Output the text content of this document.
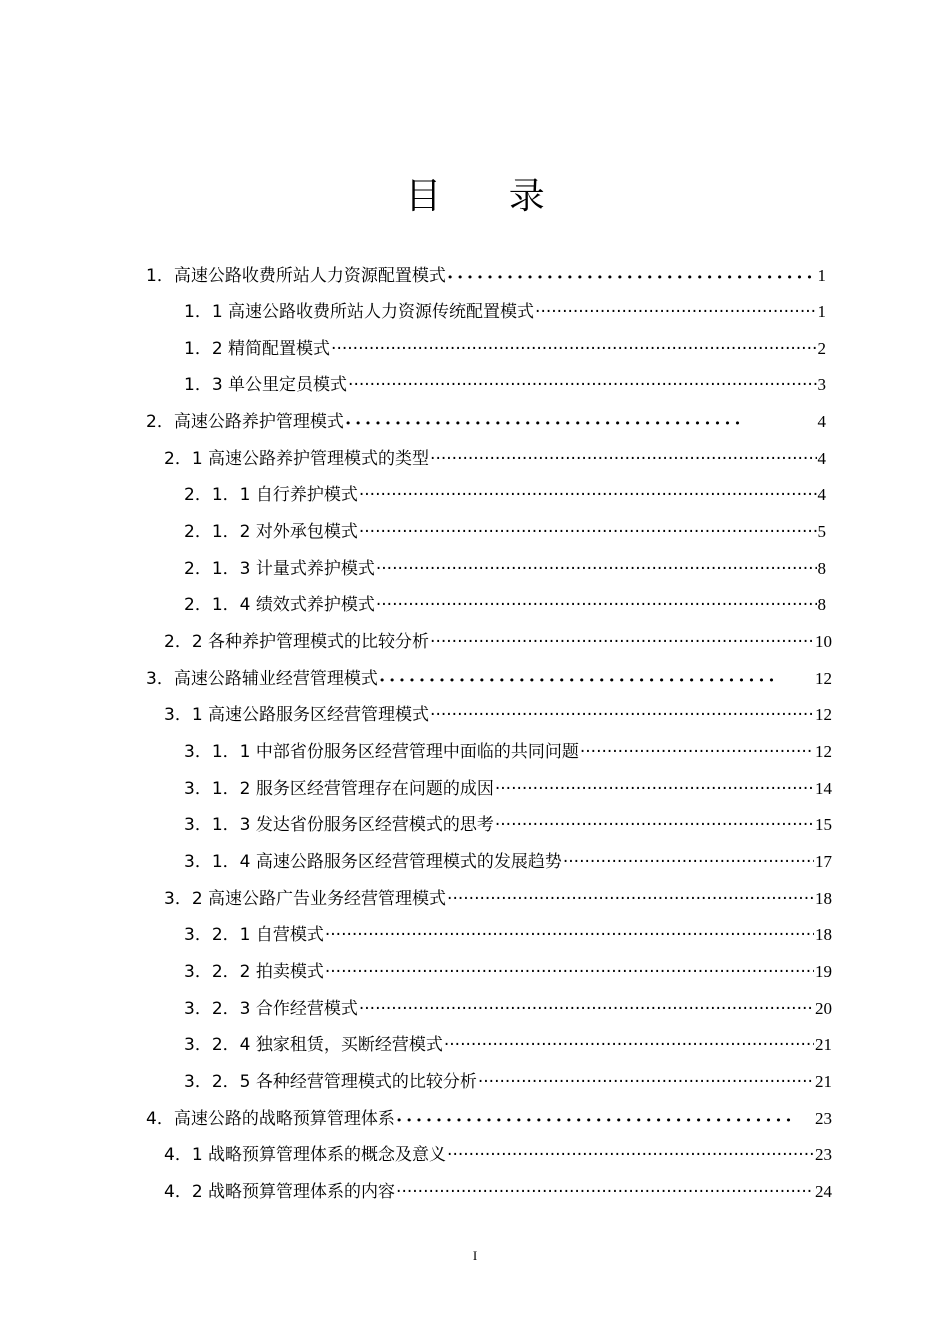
目 录
1．高速公路收费所站人力资源配置模式 • •	1
1．1 高速公路收费所站人力资源传统配置模式 ·····	1
1．2 精简配置模式 ·····	2
1．3 单公里定员模式 ·····	3
2．高速公路养护管理模式 • •	4
2．1 高速公路养护管理模式的类型 ·····	4
2．1．1 自行养护模式 ·····	4
2．1．2 对外承包模式 ·····	5
2．1．3 计量式养护模式 ·····	8
2．1．4 绩效式养护模式 ·····	8
2．2 各种养护管理模式的比较分析 ·····	10
3．高速公路辅业经营管理模式 • •	12
3．1 高速公路服务区经营管理模式 ·····	12
3．1．1 中部省份服务区经营管理中面临的共同问题 ·····	12
3．1．2 服务区经营管理存在问题的成因 ·····	14
3．1．3 发达省份服务区经营模式的思考 ·····	15
3．1．4 高速公路服务区经营管理模式的发展趋势 ·····	17
3．2 高速公路广告业务经营管理模式 ·····	18
3．2．1 自营模式 ·····	18
3．2．2 拍卖模式 ·····	19
3．2．3 合作经营模式 ·····	20
3．2．4 独家租赁，买断经营模式 ·····	21
3．2．5 各种经营管理模式的比较分析 ·····	21
4．高速公路的战略预算管理体系 • •	23
4．1 战略预算管理体系的概念及意义 ·····	23
4．2 战略预算管理体系的内容 ·····	24
I
